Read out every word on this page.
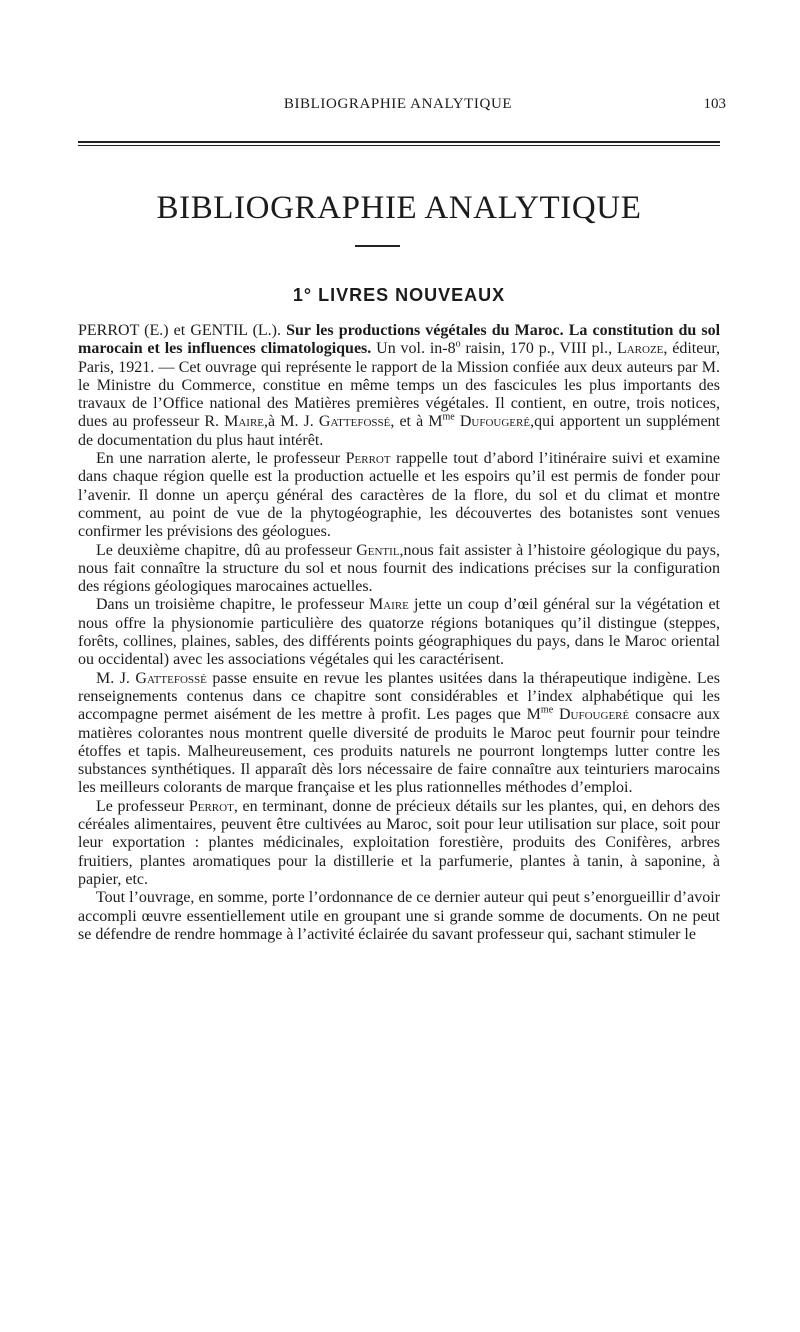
BIBLIOGRAPHIE ANALYTIQUE	103
BIBLIOGRAPHIE ANALYTIQUE
1° LIVRES NOUVEAUX

PERROT (E.) et GENTIL (L.). Sur les productions végétales du Maroc. La constitution du sol marocain et les influences climatologiques. Un vol. in-8$^o$ raisin, 170 p., VIII pl., Laroze, éditeur, Paris, 1921. — Cet ouvrage qui représente le rapport de la Mission confiée aux deux auteurs par M. le Ministre du Commerce, constitue en même temps un des fascicules les plus importants des travaux de l’Office national des Matières premières végétales. Il contient, en outre, trois notices, dues au professeur R. Maire,à M. J. Gattefossé, et à $M^{me}$ Dufougeré,qui apportent un supplément de documentation du plus haut intérêt.

En une narration alerte, le professeur Perrot rappelle tout d’abord l’itinéraire suivi et examine dans chaque région quelle est la production actuelle et les espoirs qu’il est permis de fonder pour l’avenir. Il donne un aperçu général des caractères de la flore, du sol et du climat et montre comment, au point de vue de la phytogéographie, les découvertes des botanistes sont venues confirmer les prévisions des géologues.

Le deuxième chapitre, dû au professeur Gentil,nous fait assister à l’histoire géologique du pays, nous fait connaître la structure du sol et nous fournit des indications précises sur la configuration des régions géologiques marocaines actuelles.

Dans un troisième chapitre, le professeur Maire jette un coup d’œil général sur la végétation et nous offre la physionomie particulière des quatorze régions botaniques qu’il distingue (steppes, forêts, collines, plaines, sables, des différents points géographiques du pays, dans le Maroc oriental ou occidental) avec les associations végétales qui les caractérisent.

M. J. Gattefossé passe ensuite en revue les plantes usitées dans la thérapeutique indigène. Les renseignements contenus dans ce chapitre sont considérables et l’index alphabétique qui les accompagne permet aisément de les mettre à profit. Les pages que $M^{me}$ Dufougeré consacre aux matières colorantes nous montrent quelle diversité de produits le Maroc peut fournir pour teindre étoffes et tapis. Malheureusement, ces produits naturels ne pourront longtemps lutter contre les substances synthétiques. Il apparaît dès lors nécessaire de faire connaître aux teinturiers marocains les meilleurs colorants de marque française et les plus rationnelles méthodes d’emploi.

Le professeur Perrot, en terminant, donne de précieux détails sur les plantes, qui, en dehors des céréales alimentaires, peuvent être cultivées au Maroc, soit pour leur utilisation sur place, soit pour leur exportation : plantes médicinales, exploitation forestière, produits des Conifères, arbres fruitiers, plantes aromatiques pour la distillerie et la parfumerie, plantes à tanin, à saponine, à papier, etc.

Tout l’ouvrage, en somme, porte l’ordonnance de ce dernier auteur qui peut s’enorgueillir d’avoir accompli œuvre essentiellement utile en groupant une si grande somme de documents. On ne peut se défendre de rendre hommage à l’activité éclairée du savant professeur qui, sachant stimuler le
